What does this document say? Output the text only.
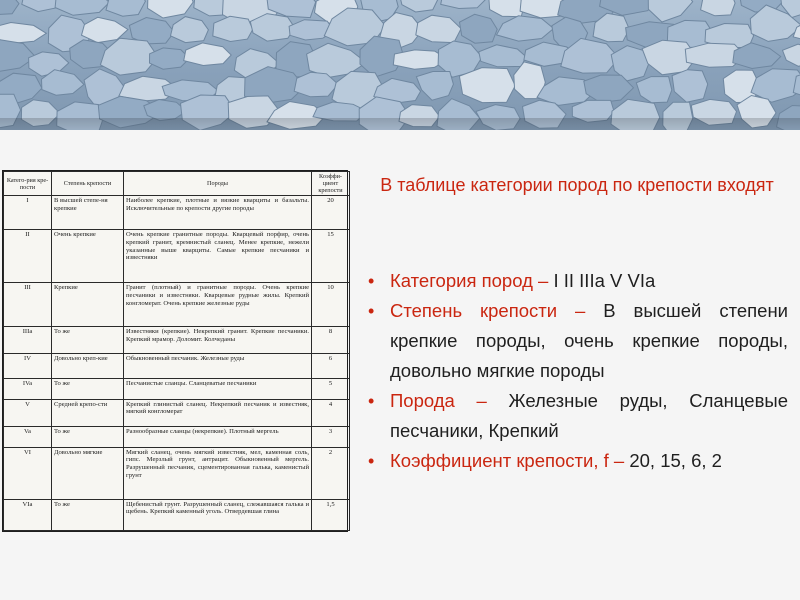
Катего-рия кре-пости	Степень крепости	Породы	Коэффи-циент крепости
I	В высшей степе-ня крепкие	Наиболее крепкие, плотные и вязкие кварциты и базальты. Исключительные по крепости другие породы	20
II	Очень крепкие	Очень крепкие гранитные породы. Кварцевый порфир, очень крепкий гранит, кремнистый сланец. Менее крепкие, нежели указанные выше кварциты. Самые крепкие песчаники и известняки	15
III	Крепкие	Гранит (плотный) и гранитные породы. Очень крепкие песчаники и известняки. Кварцевые рудные жилы. Крепкий конгломерат. Очень крепкие железные руды	10
IIIa	То же	Известняки (крепкие). Некрепкий гранит. Крепкие песчаники. Крепкий мрамор. Доломит. Колчеданы	8
IV	Довольно креп-кие	Обыкновенный песчаник. Железные руды	6
IVa	То же	Песчанистые сланцы. Сланцеватые песчаники	5
V	Средней крепо-сти	Крепкий глинистый сланец. Некрепкий песчаник и известняк, мягкий конгломерат	4
Va	То же	Разнообразные сланцы (некрепкие). Плотный мергель	3
VI	Довольно мягкие	Мягкий сланец, очень мягкий известняк, мел, каменная соль, гипс. Мерзлый грунт, антрацит. Обыкновенный мергель. Разрушенный песчаник, сцементированная галька, каменистый грунт	2
VIa	То же	Щебенистый грунт. Разрушенный сланец, слежавшаяся галька и щебень. Крепкий каменный уголь. Отвердевшая глина	1,5
В таблице категории пород по крепости входят
• Категория пород – I II IIIa V VIa
• Степень крепости – В высшей степени крепкие породы, очень крепкие породы, довольно мягкие породы
• Порода – Железные руды, Сланцевые песчаники, Крепкий
• Коэффициент крепости, f – 20, 15, 6, 2
